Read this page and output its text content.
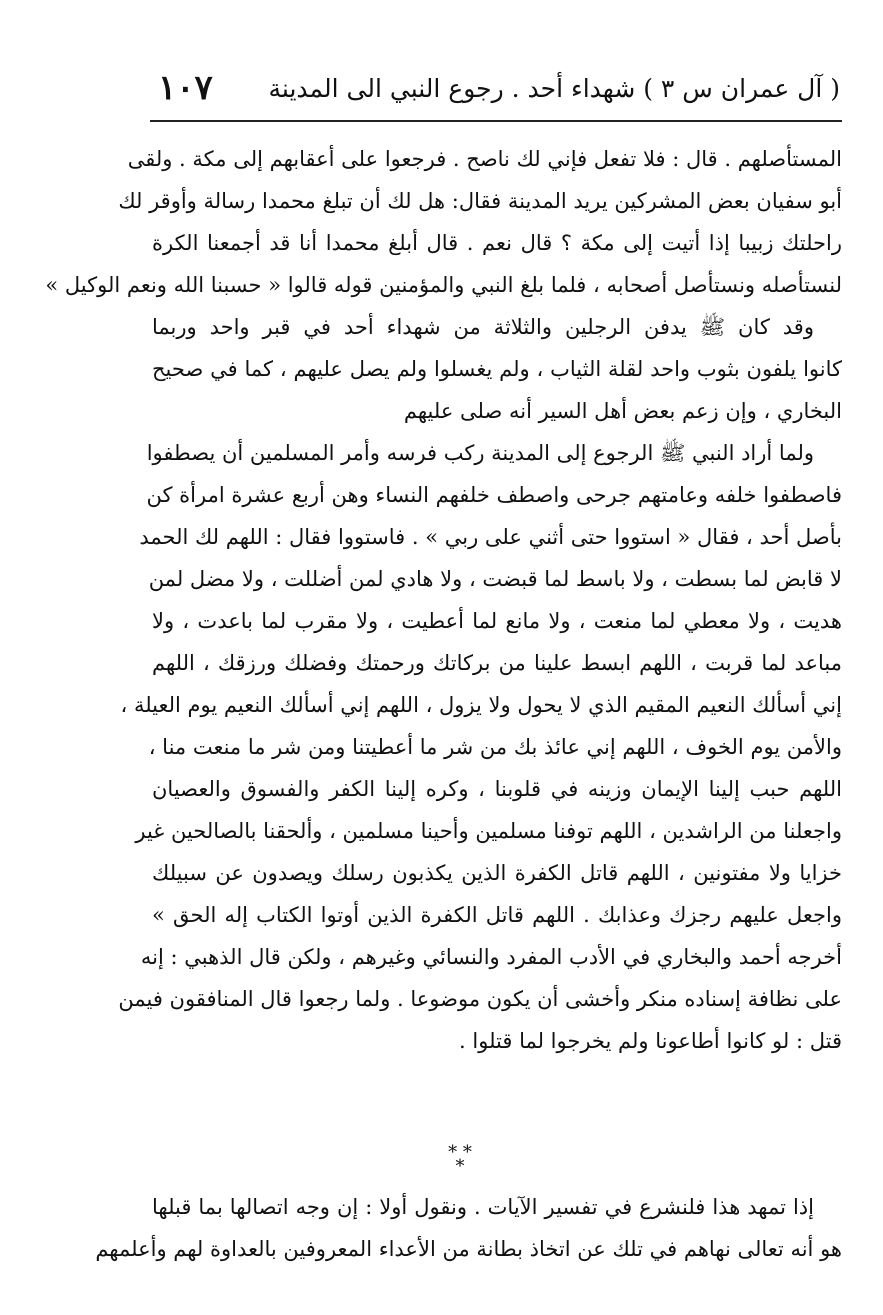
( آل عمران س ٣ ) شهداء أحد . رجوع النبي الى المدينة
١٠٧
المستأصلهم . قال : فلا تفعل فإني لك ناصح . فرجعوا على أعقابهم إلى مكة . ولقى
أبو سفيان بعض المشركين يريد المدينة فقال: هل لك أن تبلغ محمدا رسالة وأوقر لك
راحلتك زبيبا إذا أتيت إلى مكة ؟ قال نعم . قال أبلغ محمدا أنا قد أجمعنا الكرة
لنستأصله ونستأصل أصحابه ، فلما بلغ النبي والمؤمنين قوله قالوا « حسبنا الله ونعم الوكيل »
وقد كان ﷺ يدفن الرجلين والثلاثة من شهداء أحد في قبر واحد وربما
كانوا يلفون بثوب واحد لقلة الثياب ، ولم يغسلوا ولم يصل عليهم ، كما في صحيح
البخاري ، وإن زعم بعض أهل السير أنه صلى عليهم
ولما أراد النبي ﷺ الرجوع إلى المدينة ركب فرسه وأمر المسلمين أن يصطفوا
فاصطفوا خلفه وعامتهم جرحى واصطف خلفهم النساء وهن أربع عشرة امرأة كن
بأصل أحد ، فقال « استووا حتى أثني على ربي » . فاستووا فقال : اللهم لك الحمد
لا قابض لما بسطت ، ولا باسط لما قبضت ، ولا هادي لمن أضللت ، ولا مضل لمن
هديت ، ولا معطي لما منعت ، ولا مانع لما أعطيت ، ولا مقرب لما باعدت ، ولا
مباعد لما قربت ، اللهم ابسط علينا من بركاتك ورحمتك وفضلك ورزقك ، اللهم
إني أسألك النعيم المقيم الذي لا يحول ولا يزول ، اللهم إني أسألك النعيم يوم العيلة ،
والأمن يوم الخوف ، اللهم إني عائذ بك من شر ما أعطيتنا ومن شر ما منعت منا ،
اللهم حبب إلينا الإيمان وزينه في قلوبنا ، وكره إلينا الكفر والفسوق والعصيان
واجعلنا من الراشدين ، اللهم توفنا مسلمين وأحينا مسلمين ، وألحقنا بالصالحين غير
خزايا ولا مفتونين ، اللهم قاتل الكفرة الذين يكذبون رسلك ويصدون عن سبيلك
واجعل عليهم رجزك وعذابك . اللهم قاتل الكفرة الذين أوتوا الكتاب إله الحق »
أخرجه أحمد والبخاري في الأدب المفرد والنسائي وغيرهم ، ولكن قال الذهبي : إنه
على نظافة إسناده منكر وأخشى أن يكون موضوعا . ولما رجعوا قال المنافقون فيمن
قتل : لو كانوا أطاعونا ولم يخرجوا لما قتلوا .
* *
*
إذا تمهد هذا فلنشرع في تفسير الآيات . ونقول أولا : إن وجه اتصالها بما قبلها
هو أنه تعالى نهاهم في تلك عن اتخاذ بطانة من الأعداء المعروفين بالعداوة لهم وأعلمهم
